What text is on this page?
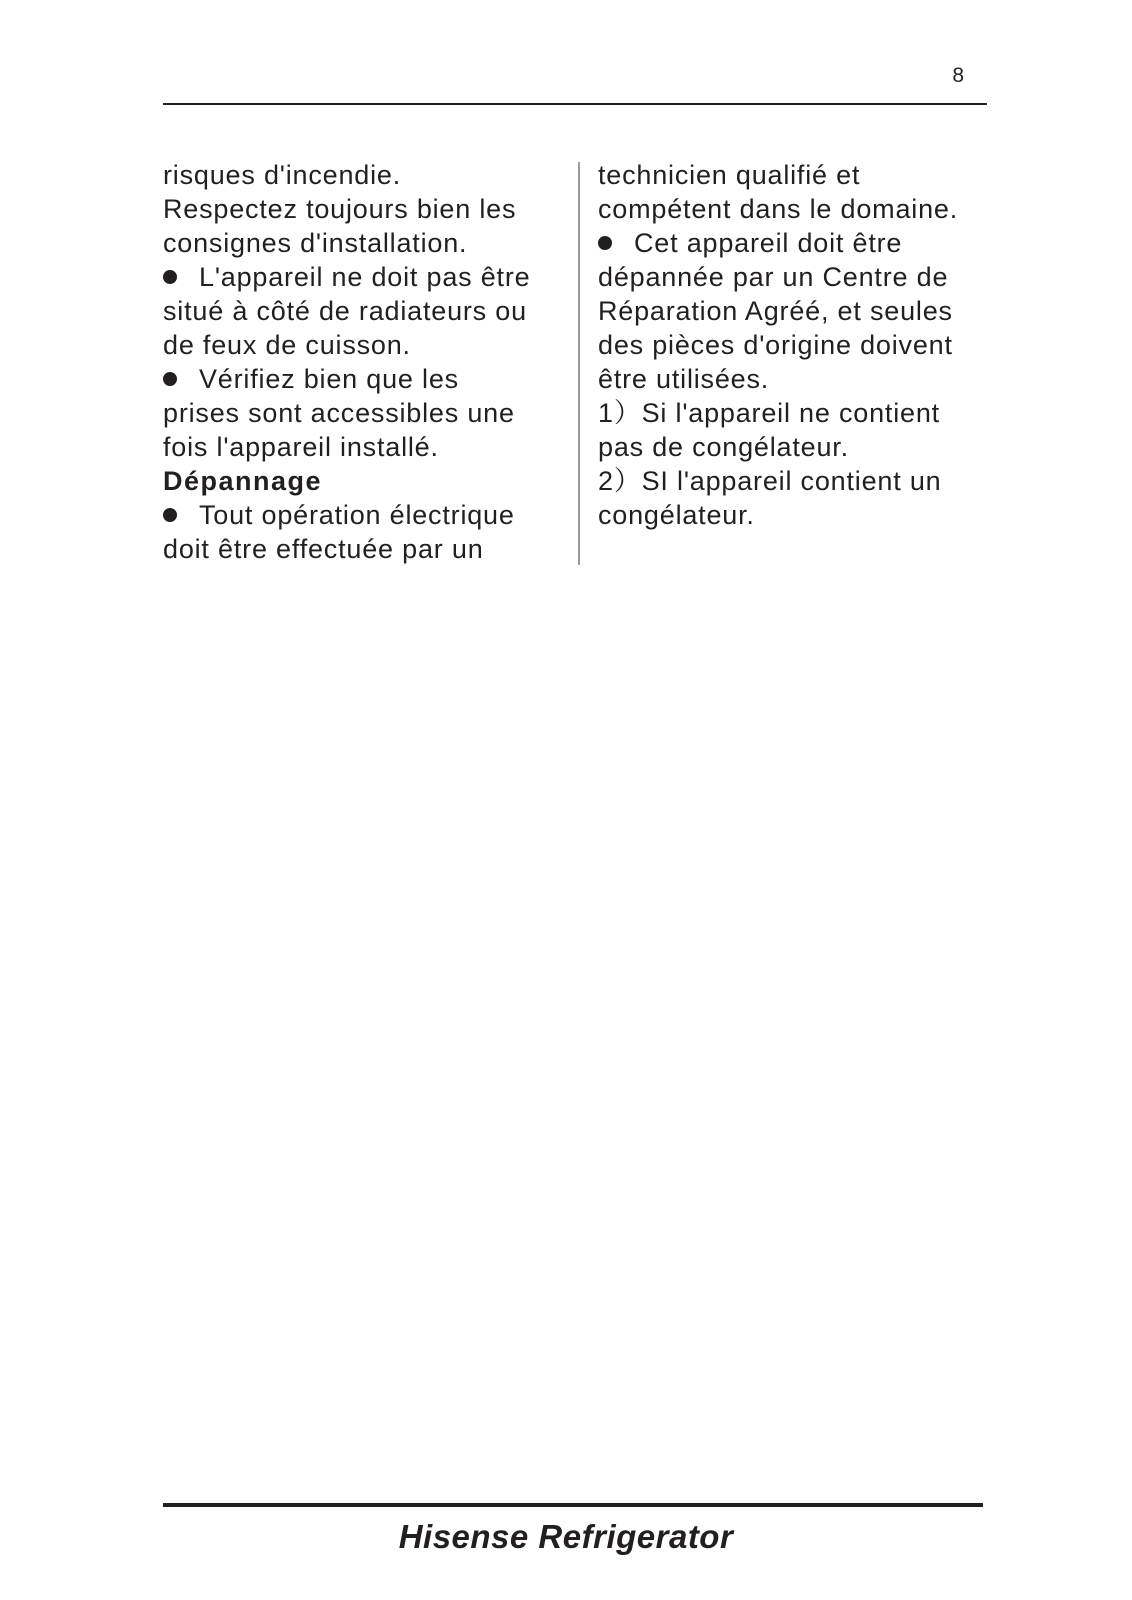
8
risques d'incendie.
Respectez toujours bien les
consignes d'installation.
L'appareil ne doit pas être
situé à côté de radiateurs ou
de feux de cuisson.
Vérifiez bien que les
prises sont accessibles une
fois l'appareil installé.
Dépannage
Tout opération électrique
doit être effectuée par un
technicien qualifié et
compétent dans le domaine.
Cet appareil doit être
dépannée par un Centre de
Réparation Agréé, et seules
des pièces d'origine doivent
être utilisées.
1）Si l'appareil ne contient
pas de congélateur.
2）SI l'appareil contient un
congélateur.
Hisense Refrigerator
